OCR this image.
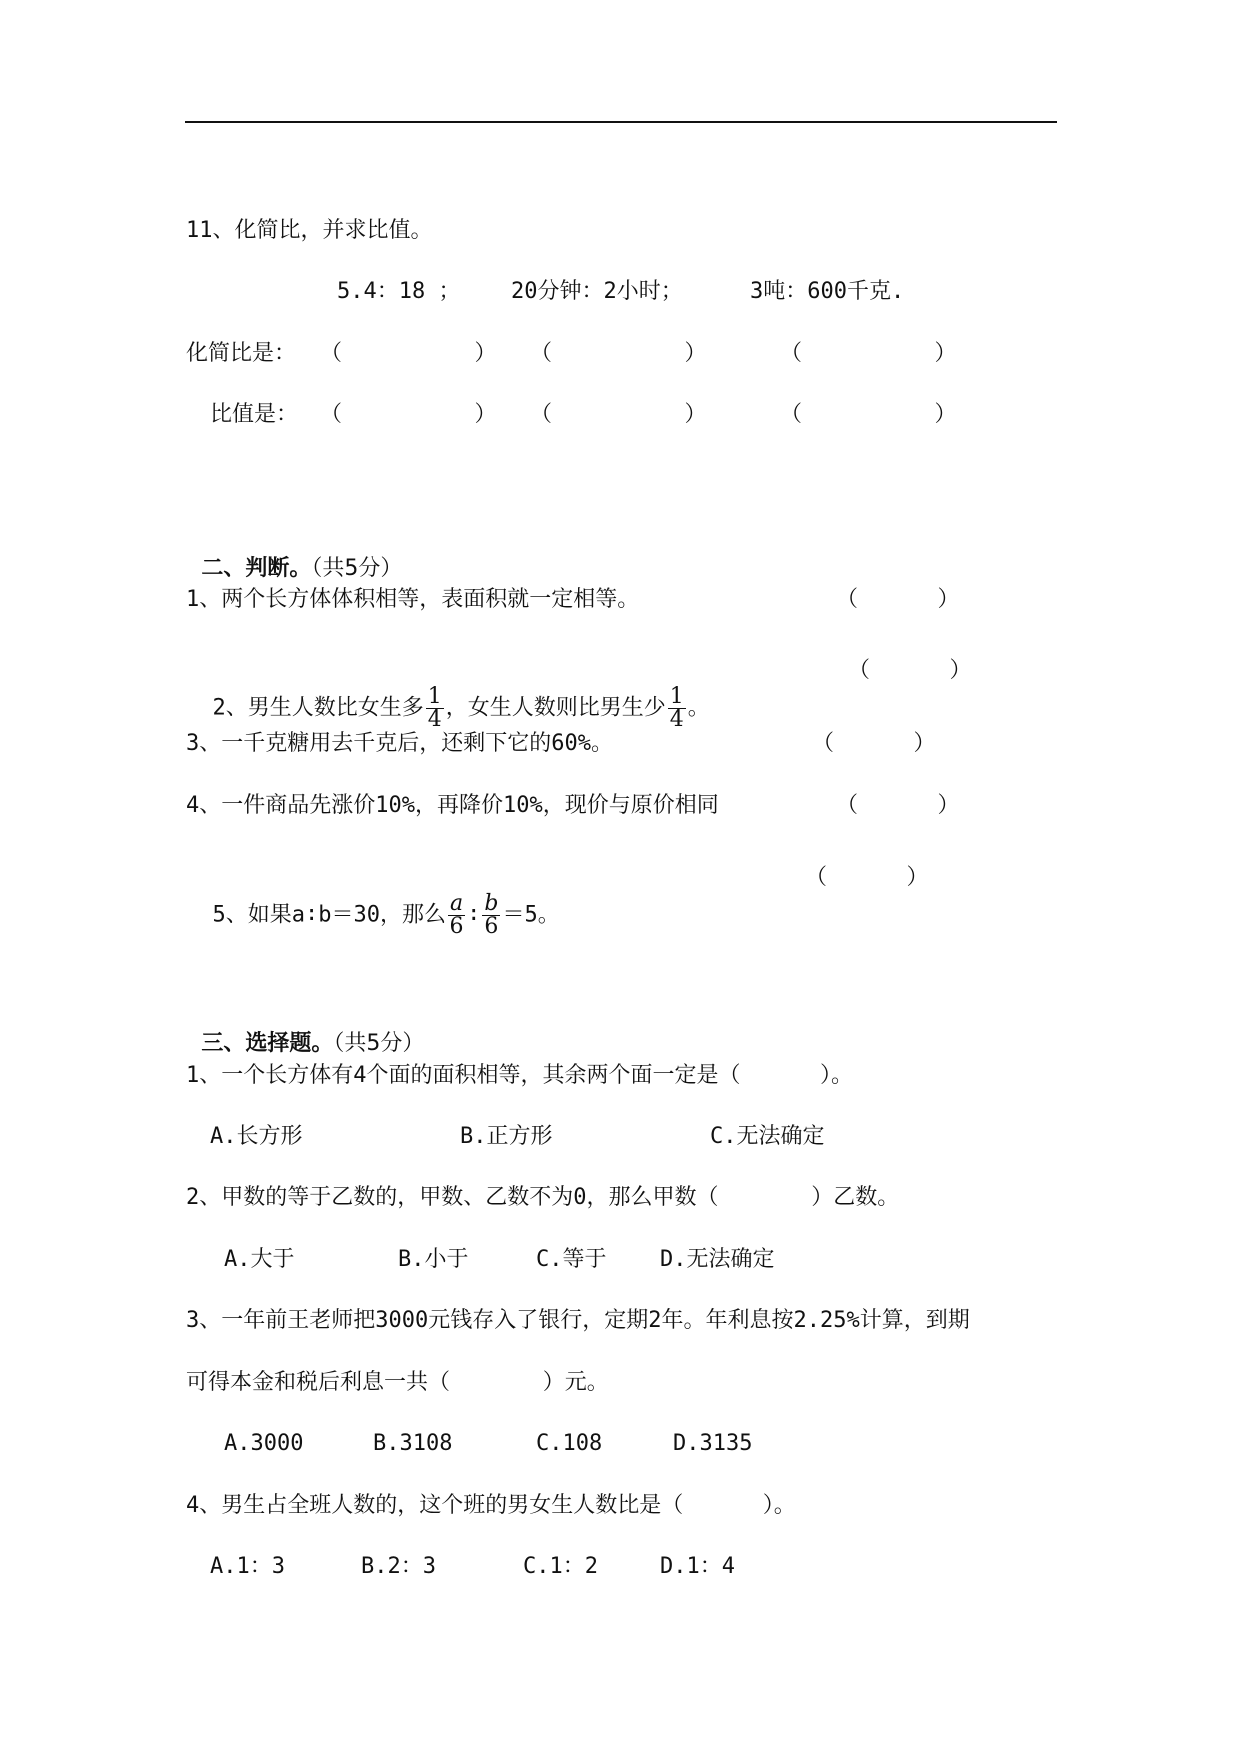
11、化简比，并求比值。
5.4：18 ； 20分钟：2小时；	3吨：600千克.
化简比是： （          ） （          ）	（          ）
比值是： （          ） （          ）	（          ）

二、判断。（共5分）

1、两个长方体体积相等，表面积就一定相等。	（      ）

2、男生人数比女生多 $\frac{1}{4}$ ，女生人数则比男生少 $\frac{1}{4}$ 。

（      ）
3、一千克糖用去千克后，还剩下它的60%。	（      ）
4、一件商品先涨价10%，再降价10%，现价与原价相同	（      ）

5、如果a∶b＝30，那么 $\frac{a}{6}$ ∶ $\frac{b}{6} =5$。

（      ）

三、选择题。（共5分）

1、一个长方体有4个面的面积相等，其余两个面一定是（      ）。
A.长方形	B.正方形	C.无法确定
2、甲数的等于乙数的，甲数、乙数不为0，那么甲数（       ）乙数。
A.大于	B.小于	C.等于 D.无法确定
3、一年前王老师把3000元钱存入了银行，定期2年。年利息按2.25%计算，到期
可得本金和税后利息一共（       ）元。
A.3000	B.3108	C.108	D.3135
4、男生占全班人数的，这个班的男女生人数比是（      ）。
A.1：3	B.2：3	C.1：2	D.1：4
